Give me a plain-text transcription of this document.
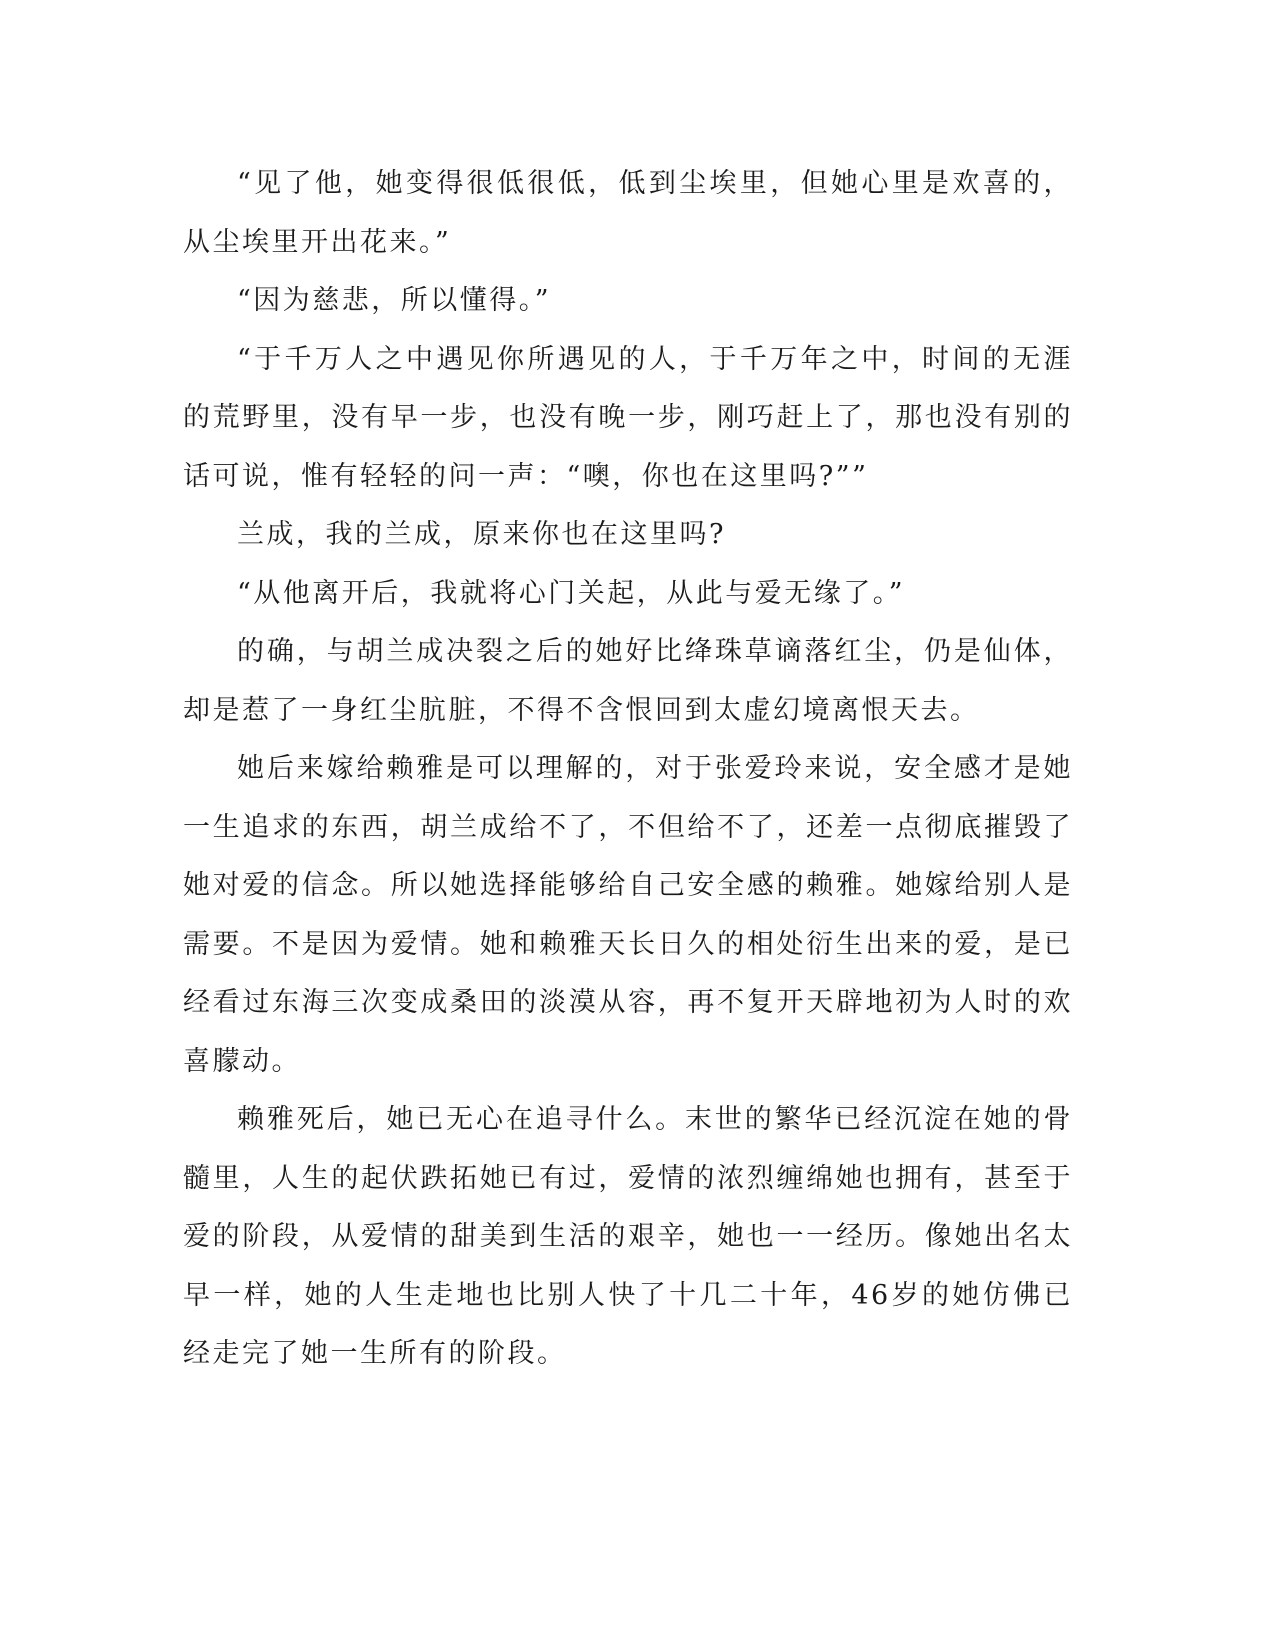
“见了他，她变得很低很低，低到尘埃里，但她心里是欢喜的，从尘埃里开出花来。”

“因为慈悲，所以懂得。”

“于千万人之中遇见你所遇见的人，于千万年之中，时间的无涯的荒野里，没有早一步，也没有晚一步，刚巧赶上了，那也没有别的话可说，惟有轻轻的问一声：“噢，你也在这里吗?””

兰成，我的兰成，原来你也在这里吗?

“从他离开后，我就将心门关起，从此与爱无缘了。”

的确，与胡兰成决裂之后的她好比绛珠草谪落红尘，仍是仙体，却是惹了一身红尘肮脏，不得不含恨回到太虚幻境离恨天去。

她后来嫁给赖雅是可以理解的，对于张爱玲来说，安全感才是她一生追求的东西，胡兰成给不了，不但给不了，还差一点彻底摧毁了她对爱的信念。所以她选择能够给自己安全感的赖雅。她嫁给别人是需要。不是因为爱情。她和赖雅天长日久的相处衍生出来的爱，是已经看过东海三次变成桑田的淡漠从容，再不复开天辟地初为人时的欢喜朦动。

赖雅死后，她已无心在追寻什么。末世的繁华已经沉淀在她的骨髓里，人生的起伏跌拓她已有过，爱情的浓烈缠绵她也拥有，甚至于爱的阶段，从爱情的甜美到生活的艰辛，她也一一经历。像她出名太早一样，她的人生走地也比别人快了十几二十年，46岁的她仿佛已经走完了她一生所有的阶段。
